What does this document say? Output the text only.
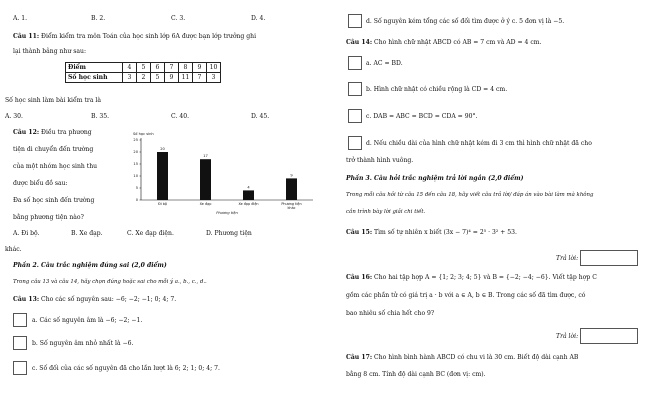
A. 1.	B. 2.	C. 3.	D. 4.
Câu 11: Điểm kiểm tra môn Toán của học sinh lớp 6A được bạn lớp trưởng ghi
lại thành bảng như sau:
Điểm	4	5	6	7	8	9	10
Số học sinh	3	2	5	9	11	7	3
Số học sinh làm bài kiểm tra là
A. 30.	B. 35.	C. 40.	D. 45.
Câu 12: Điều tra phương
tiện di chuyển đến trường
của một nhóm học sinh thu
được biểu đồ sau:
Đa số học sinh đến trường
bằng phương tiện nào?
Số học sinh
0
5
10
15
20
25
20
Đi bộ
17
Xe đạp
4
Xe đạp điện
9
Phương tiện
khác
Phương tiện
A. Đi bộ.	B. Xe đạp.	C. Xe đạp điện.	D. Phương tiện
khác.
Phần 2. Câu trắc nghiệm đúng sai (2,0 điểm)
Trong câu 13 và câu 14, hãy chọn đúng hoặc sai cho mỗi ý a., b., c., d..
Câu 13: Cho các số nguyên sau: −6; −2; −1; 0; 4; 7.
a. Các số nguyên âm là −6; −2; −1.
b. Số nguyên âm nhỏ nhất là −6.
c. Số đối của các số nguyên đã cho lần lượt là 6; 2; 1; 0; 4; 7.
d. Số nguyên kém tổng các số đối tìm được ở ý c. 5 đơn vị là −5.
Câu 14: Cho hình chữ nhật ABCD có AB = 7 cm và AD = 4 cm.
a. AC = BD.
b. Hình chữ nhật có chiều rộng là CD = 4 cm.
c. DAB = ABC = BCD = CDA = 90°.
d. Nếu chiều dài của hình chữ nhật kém đi 3 cm thì hình chữ nhật đã cho
trở thành hình vuông.
Phần 3. Câu hỏi trắc nghiệm trả lời ngắn (2,0 điểm)
Trong mỗi câu hỏi từ câu 15 đến câu 18, hãy viết câu trả lời/ đáp án vào bài làm mà không
cần trình bày lời giải chi tiết.
Câu 15: Tìm số tự nhiên x biết (3x − 7)⁴ = 2⁵ · 3² + 53.
Trả lời:
Câu 16: Cho hai tập hợp A = {1; 2; 3; 4; 5} và B = {−2; −4; −6}. Viết tập hợp C
gồm các phần tử có giá trị a · b với a ∈ A, b ∈ B. Trong các số đã tìm được, có
bao nhiêu số chia hết cho 9?
Trả lời:
Câu 17: Cho hình bình hành ABCD có chu vi là 30 cm. Biết độ dài cạnh AB
bằng 8 cm. Tính độ dài cạnh BC (đơn vị: cm).
